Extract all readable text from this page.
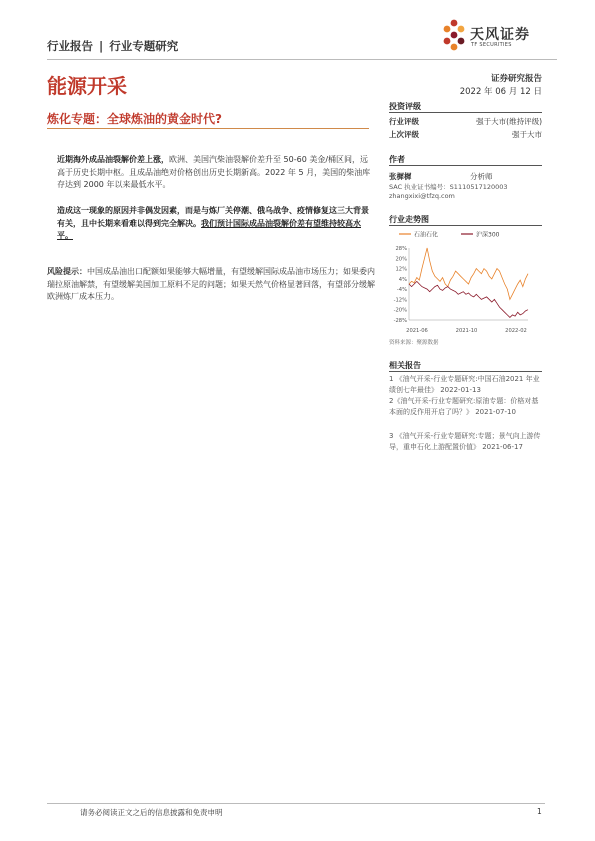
行业报告 | 行业专题研究
天风证券
TF SECURITIES
能源开采	证券研究报告
2022 年 06 月 12 日
炼化专题：全球炼油的黄金时代?
投资评级
行业评级	强于大市(维持评级)
上次评级	强于大市
作者
张樨樨	分析师
SAC 执业证书编号：S1110517120003
zhangxixi@tfzq.com
行业走势图
石油石化	沪深300
28%
20%
12%
4%
-4%
-12%
-20%
-28%
2021-06	2021-10	2022-02
资料来源：聚源数据
相关报告
1 《油气开采-行业专题研究:中国石油2021 年业绩创七年最佳》 2022-01-13
2《油气开采-行业专题研究:原油专题：价格对基本面的反作用开启了吗？》 2021-07-10
3 《油气开采-行业专题研究:专题；景气向上游传导，重申石化上游配置价值》 2021-06-17
近期海外成品油裂解价差上涨，欧洲、美国汽柴油裂解价差升至 50-60 美金/桶区间，远高于历史长期中枢。且成品油绝对价格创出历史长期新高。2022 年 5 月，美国的柴油库存达到 2000 年以来最低水平。
造成这一现象的原因并非偶发因素，而是与炼厂关停潮、俄乌战争、疫情修复这三大背景有关，且中长期来看难以得到完全解决。我们预计国际成品油裂解价差有望维持较高水平。
风险提示：中国成品油出口配额如果能够大幅增量，有望缓解国际成品油市场压力；如果委内瑞拉原油解禁，有望缓解美国加工原料不足的问题；如果天然气价格显著回落，有望部分缓解欧洲炼厂成本压力。
请务必阅读正文之后的信息披露和免责申明	1
